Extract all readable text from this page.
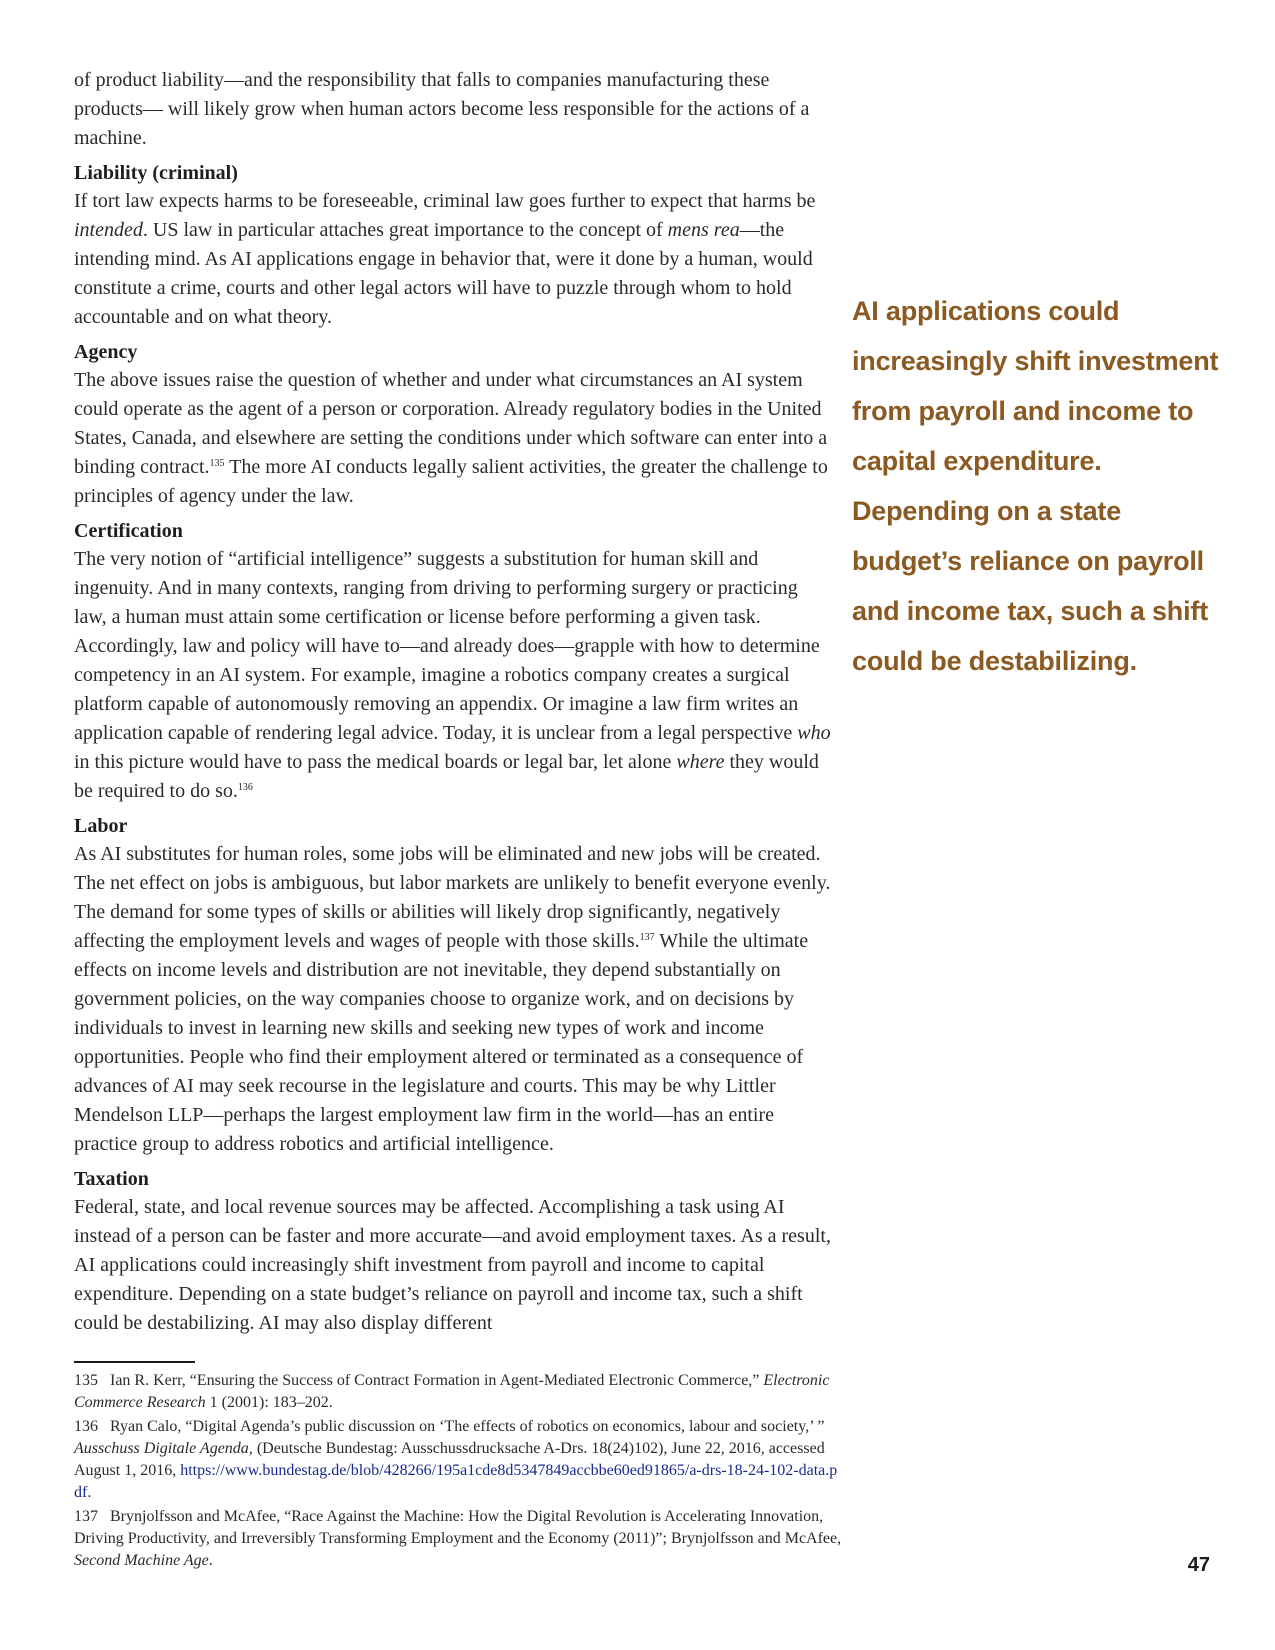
of product liability—and the responsibility that falls to companies manufacturing these products— will likely grow when human actors become less responsible for the actions of a machine.

Liability (criminal)

If tort law expects harms to be foreseeable, criminal law goes further to expect that harms be intended. US law in particular attaches great importance to the concept of mens rea—the intending mind. As AI applications engage in behavior that, were it done by a human, would constitute a crime, courts and other legal actors will have to puzzle through whom to hold accountable and on what theory.

Agency

The above issues raise the question of whether and under what circumstances an AI system could operate as the agent of a person or corporation. Already regulatory bodies in the United States, Canada, and elsewhere are setting the conditions under which software can enter into a binding contract.$^{135}$ The more AI conducts legally salient activities, the greater the challenge to principles of agency under the law.

Certification

The very notion of “artificial intelligence” suggests a substitution for human skill and ingenuity. And in many contexts, ranging from driving to performing surgery or practicing law, a human must attain some certification or license before performing a given task. Accordingly, law and policy will have to—and already does—grapple with how to determine competency in an AI system. For example, imagine a robotics company creates a surgical platform capable of autonomously removing an appendix. Or imagine a law firm writes an application capable of rendering legal advice. Today, it is unclear from a legal perspective who in this picture would have to pass the medical boards or legal bar, let alone where they would be required to do so.$^{136}$

Labor

As AI substitutes for human roles, some jobs will be eliminated and new jobs will be created. The net effect on jobs is ambiguous, but labor markets are unlikely to benefit everyone evenly. The demand for some types of skills or abilities will likely drop significantly, negatively affecting the employment levels and wages of people with those skills.$^{137}$ While the ultimate effects on income levels and distribution are not inevitable, they depend substantially on government policies, on the way companies choose to organize work, and on decisions by individuals to invest in learning new skills and seeking new types of work and income opportunities. People who find their employment altered or terminated as a consequence of advances of AI may seek recourse in the legislature and courts. This may be why Littler Mendelson LLP—perhaps the largest employment law firm in the world—has an entire practice group to address robotics and artificial intelligence.

Taxation

Federal, state, and local revenue sources may be affected. Accomplishing a task using AI instead of a person can be faster and more accurate—and avoid employment taxes. As a result, AI applications could increasingly shift investment from payroll and income to capital expenditure. Depending on a state budget’s reliance on payroll and income tax, such a shift could be destabilizing. AI may also display different

AI applications could increasingly shift investment from payroll and income to capital expenditure. Depending on a state budget’s reliance on payroll and income tax, such a shift could be destabilizing.

135 Ian R. Kerr, “Ensuring the Success of Contract Formation in Agent-Mediated Electronic Commerce,” Electronic Commerce Research 1 (2001): 183–202.

136 Ryan Calo, “Digital Agenda’s public discussion on ‘The effects of robotics on economics, labour and society,’ ” Ausschuss Digitale Agenda, (Deutsche Bundestag: Ausschussdrucksache A-Drs. 18(24)102), June 22, 2016, accessed August 1, 2016, https://www.bundestag.de/blob/428266/195a1cde8d5347849accbbe60ed91865/a-drs-18-24-102-data.pdf.

137 Brynjolfsson and McAfee, “Race Against the Machine: How the Digital Revolution is Accelerating Innovation, Driving Productivity, and Irreversibly Transforming Employment and the Economy (2011)”; Brynjolfsson and McAfee, Second Machine Age.	47
